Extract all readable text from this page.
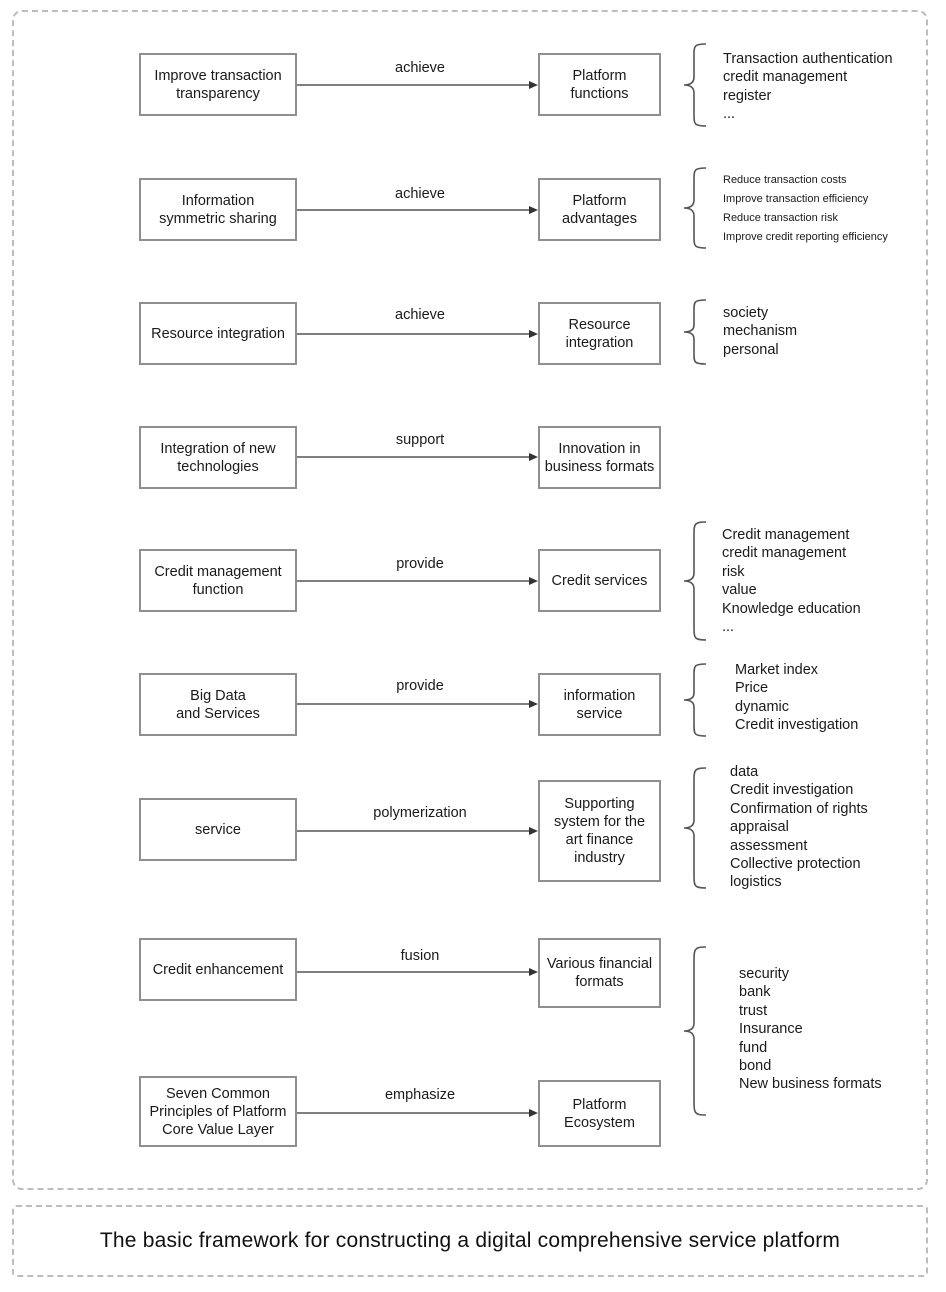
Improve transaction
transparency
achieve	Platform
functions
Information
symmetric sharing
achieve	Platform
advantages
Resource integration
achieve
Resource
integration
Integration of new
technologies
support
Innovation in
business formats
Credit management
function
provide
Credit services
Big Data
and Services
provide
information
service
service
polymerization
Supporting
system for the
art finance
industry
Credit enhancement
fusion	Various financial
formats
Seven Common
Principles of Platform
Core Value Layer
emphasize
Platform
Ecosystem
Transaction authentication
credit management
register
...
Reduce transaction costs
Improve transaction efficiency
Reduce transaction risk
Improve credit reporting efficiency
society
mechanism
personal
Credit management
credit management
risk
value
Knowledge education
...
Market index
Price
dynamic
Credit investigation
data
Credit investigation
Confirmation of rights
appraisal
assessment
Collective protection
logistics
security
bank
trust
Insurance
fund
bond
New business formats
The basic framework for constructing a digital comprehensive service platform
